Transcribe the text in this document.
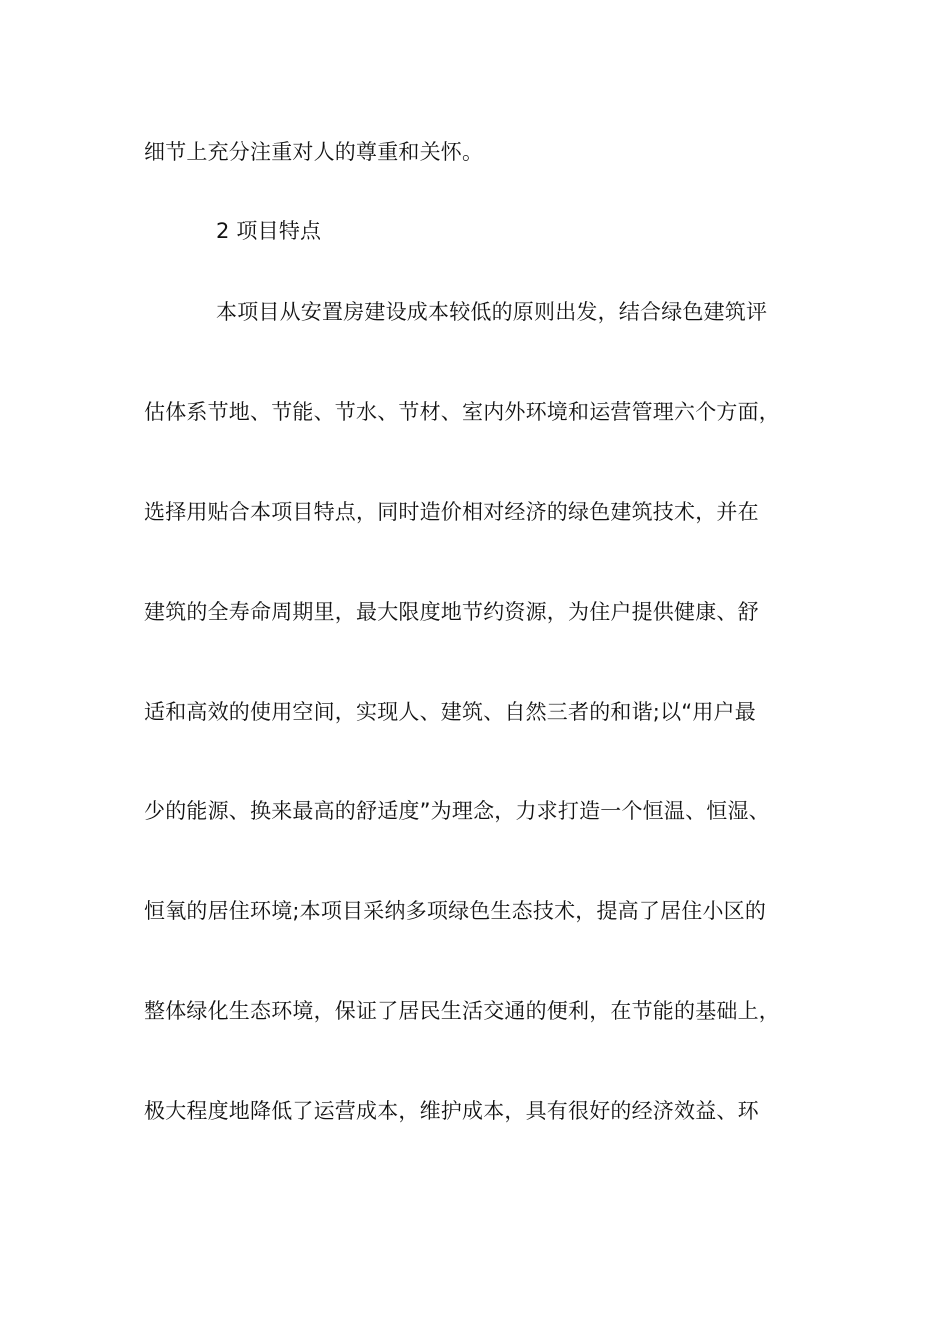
细节上充分注重对人的尊重和关怀。
2 项目特点
本项目从安置房建设成本较低的原则出发，结合绿色建筑评
估体系节地、节能、节水、节材、室内外环境和运营管理六个方面，
选择用贴合本项目特点，同时造价相对经济的绿色建筑技术，并在
建筑的全寿命周期里，最大限度地节约资源，为住户提供健康、舒
适和高效的使用空间，实现人、建筑、自然三者的和谐;以“用户最
少的能源、换来最高的舒适度”为理念，力求打造一个恒温、恒湿、
恒氧的居住环境;本项目采纳多项绿色生态技术，提高了居住小区的
整体绿化生态环境，保证了居民生活交通的便利，在节能的基础上，
极大程度地降低了运营成本，维护成本，具有很好的经济效益、环
